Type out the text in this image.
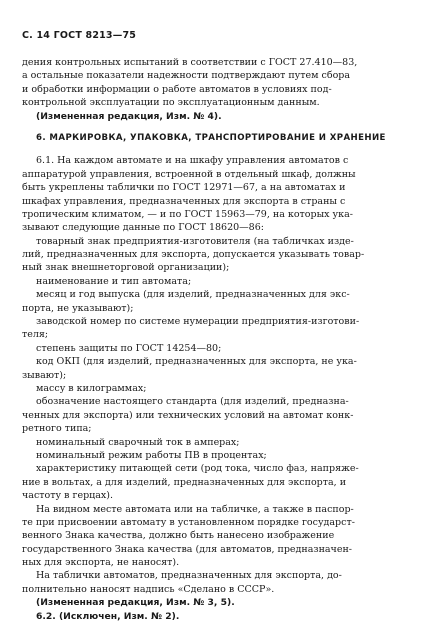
С. 14 ГОСТ 8213—75
дения контрольных испытаний в соответствии с ГОСТ 27.410—83,
а остальные показатели надежности подтверждают путем сбора
и обработки информации о работе автоматов в условиях под-
контрольной эксплуатации по эксплуатационным данным.
(Измененная редакция, Изм. № 4).
6. МАРКИРОВКА, УПАКОВКА, ТРАНСПОРТИРОВАНИЕ И ХРАНЕНИЕ
6.1. На каждом автомате и на шкафу управления автоматов с
аппаратурой управления, встроенной в отдельный шкаф, должны
быть укреплены таблички по ГОСТ 12971—67, а на автоматах и
шкафах управления, предназначенных для экспорта в страны с
тропическим климатом, — и по ГОСТ 15963—79, на которых ука-
зывают следующие данные по ГОСТ 18620—86:
товарный знак предприятия-изготовителя (на табличках изде-
лий, предназначенных для экспорта, допускается указывать товар-
ный знак внешнеторговой организации);
наименование и тип автомата;
месяц и год выпуска (для изделий, предназначенных для экс-
порта, не указывают);
заводской номер по системе нумерации предприятия-изготови-
теля;
степень защиты по ГОСТ 14254—80;
код ОКП (для изделий, предназначенных для экспорта, не ука-
зывают);
массу в килограммах;
обозначение настоящего стандарта (для изделий, предназна-
ченных для экспорта) или технических условий на автомат конк-
ретного типа;
номинальный сварочный ток в амперах;
номинальный режим работы ПВ в процентах;
характеристику питающей сети (род тока, число фаз, напряже-
ние в вольтах, а для изделий, предназначенных для экспорта, и
частоту в герцах).
На видном месте автомата или на табличке, а также в паспор-
те при присвоении автомату в установленном порядке государст-
венного Знака качества, должно быть нанесено изображение
государственного Знака качества (для автоматов, предназначен-
ных для экспорта, не наносят).
На таблички автоматов, предназначенных для экспорта, до-
полнительно наносят надпись «Сделано в СССР».
(Измененная редакция, Изм. № 3, 5).
6.2. (Исключен, Изм. № 2).
